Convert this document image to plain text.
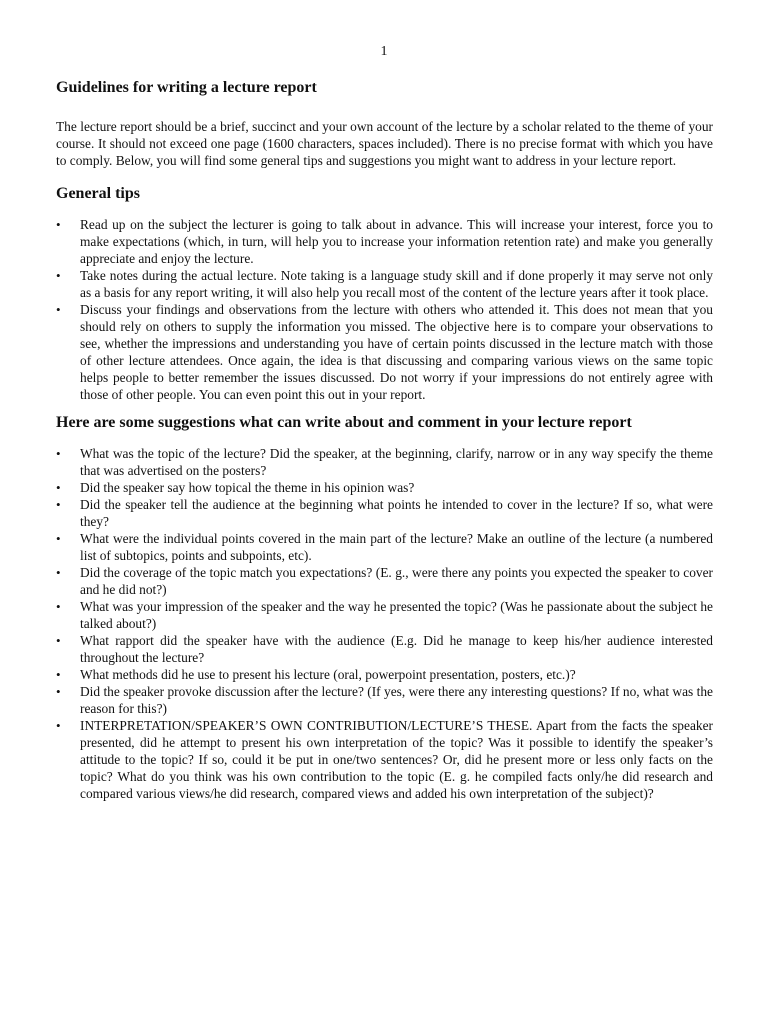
1
Guidelines for writing a lecture report

The lecture report should be a brief, succinct and your own account of the lecture by a scholar related to the theme of your course. It should not exceed one page (1600 characters, spaces included). There is no precise format with which you have to comply. Below, you will find some general tips and suggestions you might want to address in your lecture report.

General tips
• Read up on the subject the lecturer is going to talk about in advance. This will increase your interest, force you to make expectations (which, in turn, will help you to increase your information retention rate) and make you generally appreciate and enjoy the lecture.
• Take notes during the actual lecture. Note taking is a language study skill and if done properly it may serve not only as a basis for any report writing, it will also help you recall most of the content of the lecture years after it took place.
• Discuss your findings and observations from the lecture with others who attended it. This does not mean that you should rely on others to supply the information you missed. The objective here is to compare your observations to see, whether the impressions and understanding you have of certain points discussed in the lecture match with those of other lecture attendees. Once again, the idea is that discussing and comparing various views on the same topic helps people to better remember the issues discussed. Do not worry if your impressions do not entirely agree with those of other people. You can even point this out in your report.
Here are some suggestions what can write about and comment in your lecture report
• What was the topic of the lecture? Did the speaker, at the beginning, clarify, narrow or in any way specify the theme that was advertised on the posters?
• Did the speaker say how topical the theme in his opinion was?
• Did the speaker tell the audience at the beginning what points he intended to cover in the lecture? If so, what were they?
• What were the individual points covered in the main part of the lecture? Make an outline of the lecture (a numbered list of subtopics, points and subpoints, etc).
• Did the coverage of the topic match you expectations? (E. g., were there any points you expected the speaker to cover and he did not?)
• What was your impression of the speaker and the way he presented the topic? (Was he passionate about the subject he talked about?)
• What rapport did the speaker have with the audience (E.g. Did he manage to keep his/her audience interested throughout the lecture?
• What methods did he use to present his lecture (oral, powerpoint presentation, posters, etc.)?
• Did the speaker provoke discussion after the lecture? (If yes, were there any interesting questions? If no, what was the reason for this?)
• INTERPRETATION/SPEAKER’S OWN CONTRIBUTION/LECTURE’S THESE. Apart from the facts the speaker presented, did he attempt to present his own interpretation of the topic? Was it possible to identify the speaker’s attitude to the topic? If so, could it be put in one/two sentences? Or, did he present more or less only facts on the topic? What do you think was his own contribution to the topic (E. g. he compiled facts only/he did research and compared various views/he did research, compared views and added his own interpretation of the subject)?
